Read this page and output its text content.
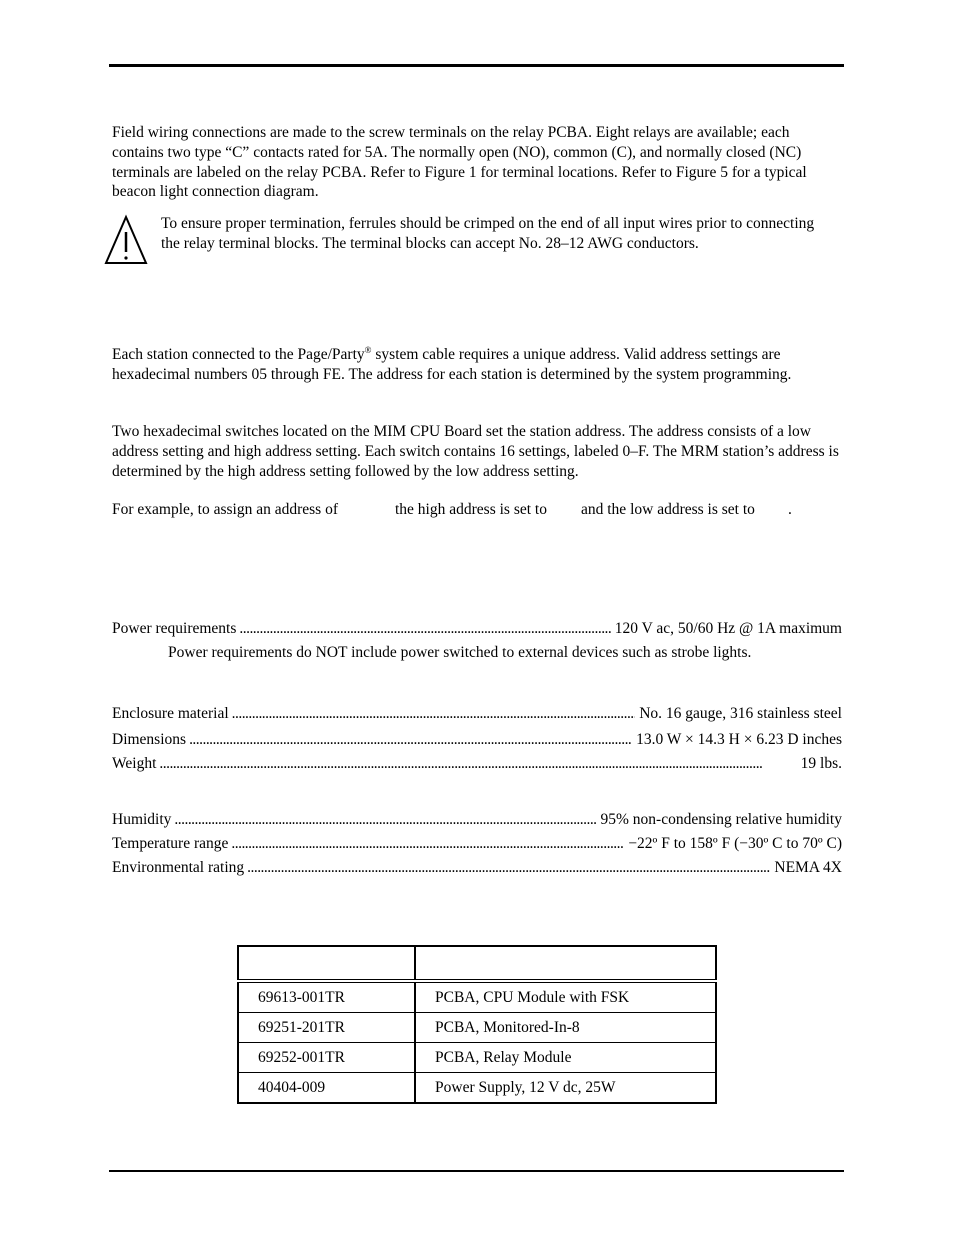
Field wiring connections are made to the screw terminals on the relay PCBA. Eight relays are available; each contains two type “C” contacts rated for 5A. The normally open (NO), common (C), and normally closed (NC) terminals are labeled on the relay PCBA. Refer to Figure 1 for terminal locations. Refer to Figure 5 for a typical beacon light connection diagram.

To ensure proper termination, ferrules should be crimped on the end of all input wires prior to connecting the relay terminal blocks. The terminal blocks can accept No. 28–12 AWG conductors.

Each station connected to the Page/Party® system cable requires a unique address. Valid address settings are hexadecimal numbers 05 through FE. The address for each station is determined by the system programming.

Two hexadecimal switches located on the MIM CPU Board set the station address. The address consists of a low address setting and high address setting. Each switch contains 16 settings, labeled 0–F. The MRM station’s address is determined by the high address setting followed by the low address setting.

For example, to assign an address of	the high address is set to and the low address is set to .
Power requirements . . .	120 V ac, 50/60 Hz @ 1A maximum
Power requirements do NOT include power switched to external devices such as strobe lights.
Enclosure material . . .	No. 16 gauge, 316 stainless steel
Dimensions . . .	13.0 W × 14.3 H × 6.23 D inches
Weight . . .	19 lbs.
Humidity . . .	95% non-condensing relative humidity
Temperature range . . .	−22º F to 158º F (−30º C to 70º C)
Environmental rating . . .	NEMA 4X

69613-001TR	PCBA, CPU Module with FSK
69251-201TR	PCBA, Monitored-In-8
69252-001TR	PCBA, Relay Module
40404-009	Power Supply, 12 V dc, 25W
